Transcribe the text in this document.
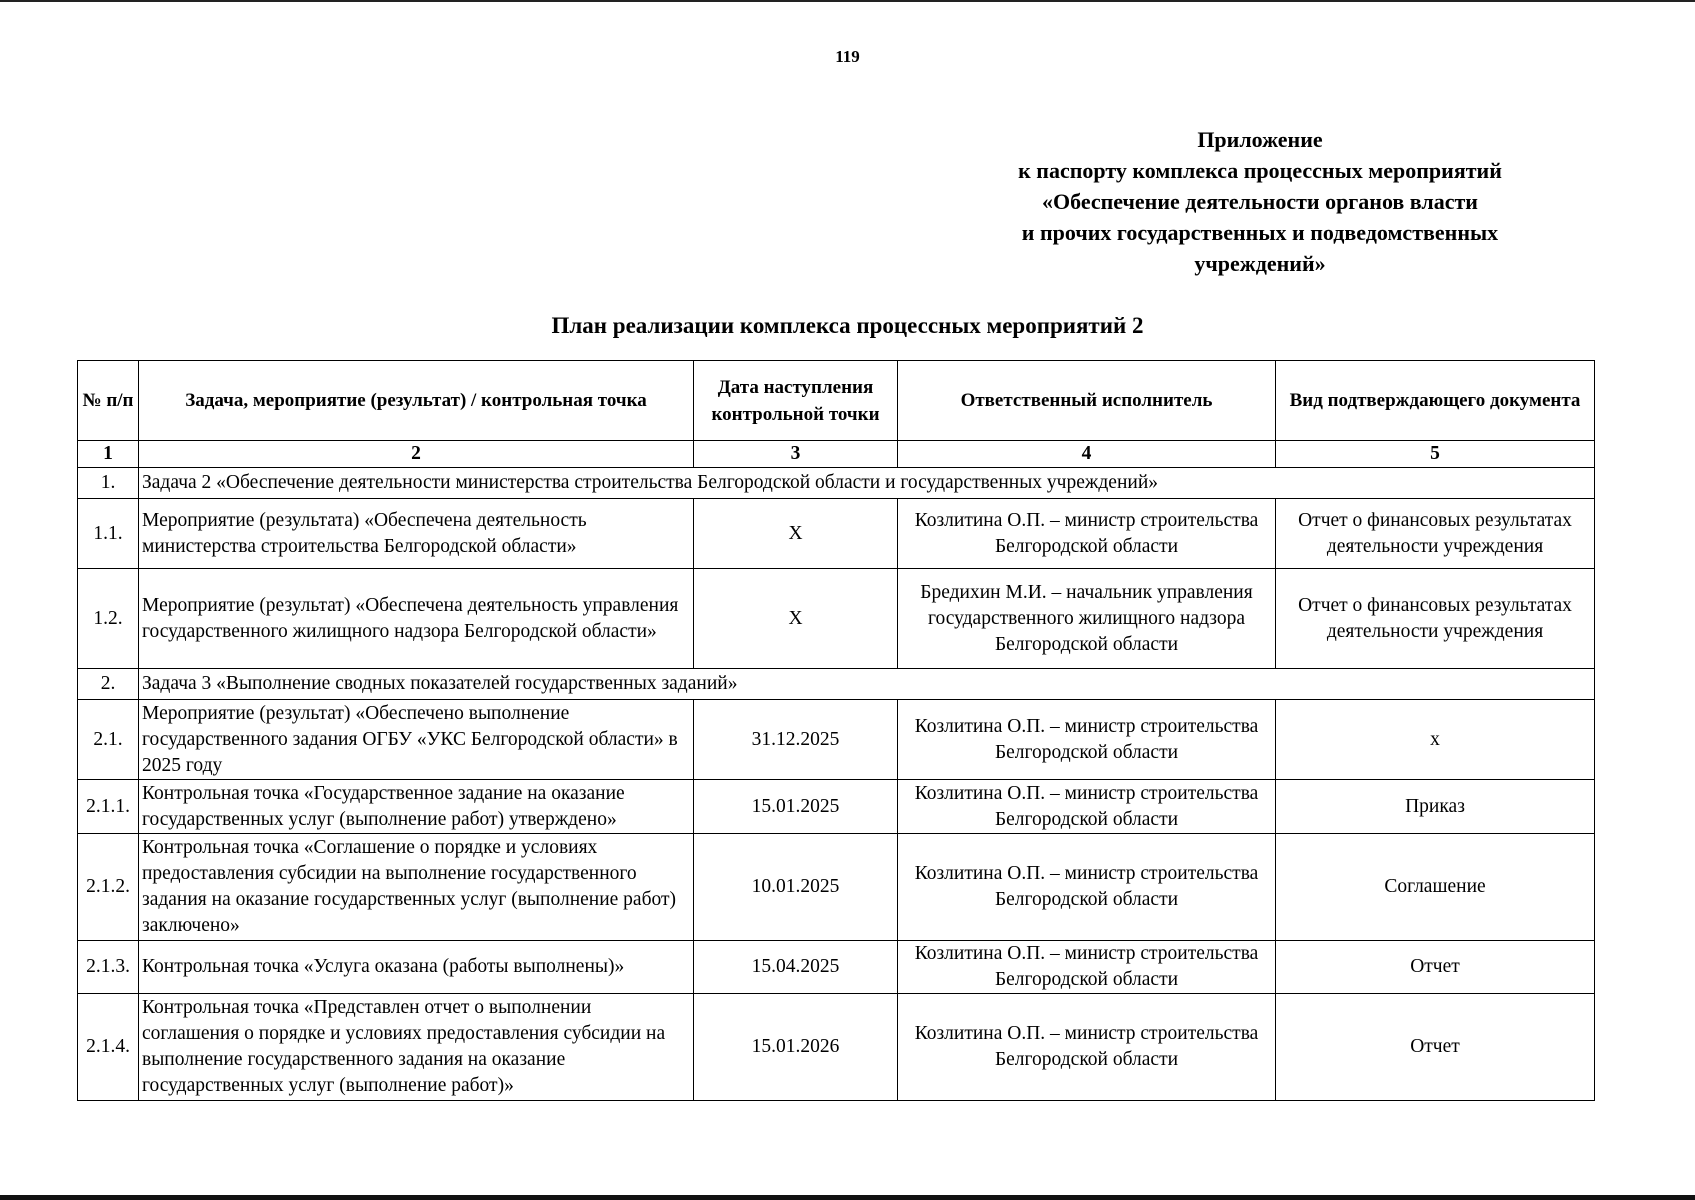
119
Приложение
к паспорту комплекса процессных мероприятий
«Обеспечение деятельности органов власти
и прочих государственных и подведомственных
учреждений»
План реализации комплекса процессных мероприятий 2
№ п/п	Задача, мероприятие (результат) / контрольная точка	Дата наступления контрольной точки	Ответственный исполнитель	Вид подтверждающего документа
1	2	3	4	5
1.	Задача 2 «Обеспечение деятельности министерства строительства Белгородской области и государственных учреждений»			
1.1.	Мероприятие (результата) «Обеспечена деятельность министерства строительства Белгородской области»	Х	Козлитина О.П. – министр строительства Белгородской области	Отчет о финансовых результатах деятельности учреждения
1.2.	Мероприятие (результат) «Обеспечена деятельность управления государственного жилищного надзора Белгородской области»	Х	Бредихин М.И. – начальник управления государственного жилищного надзора Белгородской области	Отчет о финансовых результатах деятельности учреждения
2.	Задача 3 «Выполнение сводных показателей государственных заданий»			
2.1.	Мероприятие (результат) «Обеспечено выполнение государственного задания ОГБУ «УКС Белгородской области» в 2025 году	31.12.2025	Козлитина О.П. – министр строительства Белгородской области	х
2.1.1.	Контрольная точка «Государственное задание на оказание государственных услуг (выполнение работ) утверждено»	15.01.2025	Козлитина О.П. – министр строительства Белгородской области	Приказ
2.1.2.	Контрольная точка «Соглашение о порядке и условиях предоставления субсидии на выполнение государственного задания на оказание государственных услуг (выполнение работ) заключено»	10.01.2025	Козлитина О.П. – министр строительства Белгородской области	Соглашение
2.1.3.	Контрольная точка «Услуга оказана (работы выполнены)»	15.04.2025	Козлитина О.П. – министр строительства Белгородской области	Отчет
2.1.4.	Контрольная точка «Представлен отчет о выполнении соглашения о порядке и условиях предоставления субсидии на выполнение государственного задания на оказание государственных услуг (выполнение работ)»	15.01.2026	Козлитина О.П. – министр строительства Белгородской области	Отчет
